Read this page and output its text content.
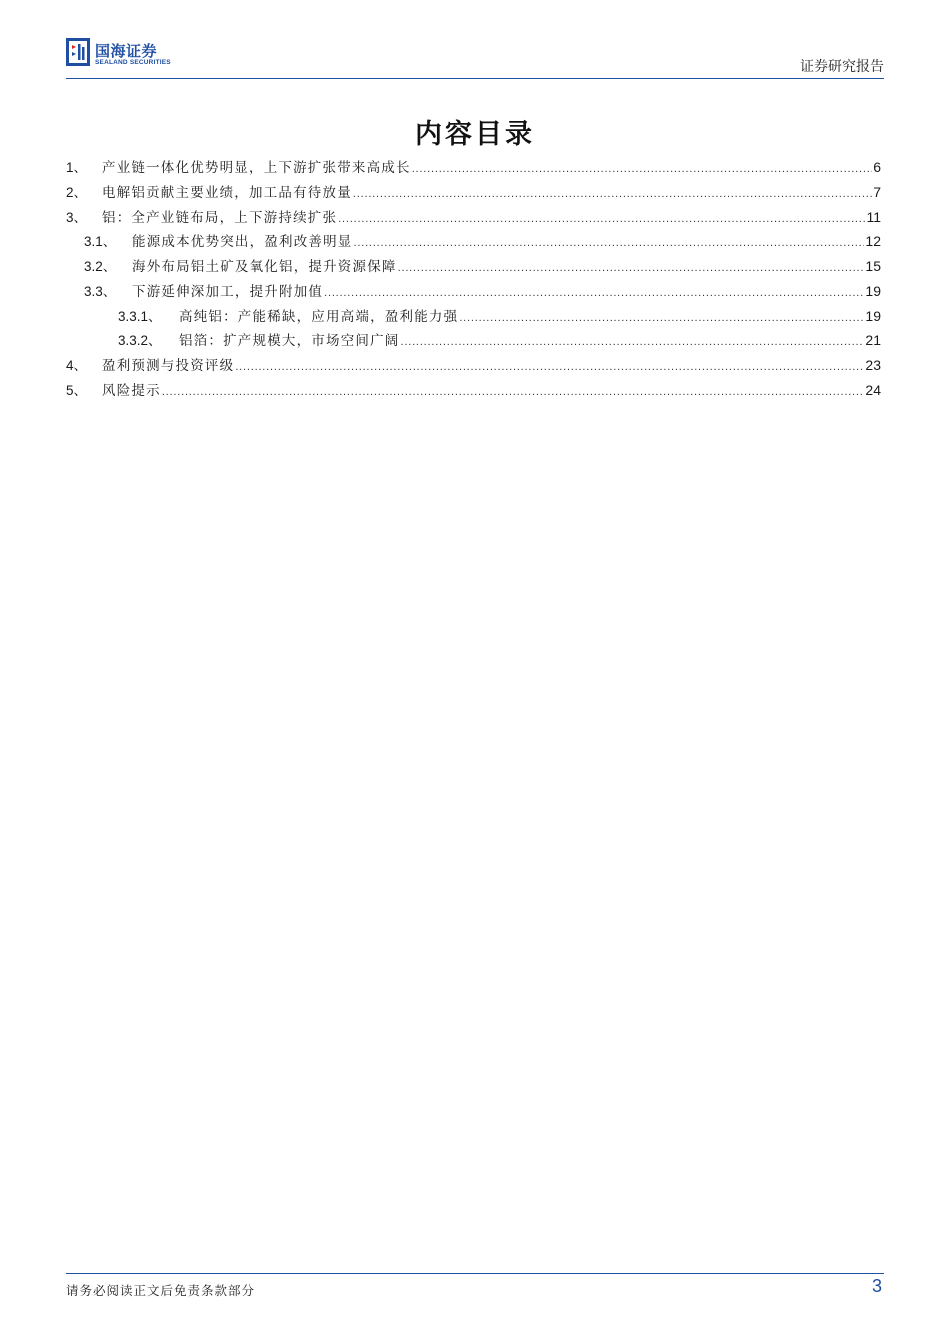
国海证券
SEALAND SECURITIES	证券研究报告
内容目录
1、	产业链一体化优势明显，上下游扩张带来高成长 .....	6
2、	电解铝贡献主要业绩，加工品有待放量 .....	7
3、	铝：全产业链布局，上下游持续扩张 .....	11
3.1、	能源成本优势突出，盈利改善明显 .....	12
3.2、	海外布局铝土矿及氧化铝，提升资源保障 .....	15
3.3、	下游延伸深加工，提升附加值 .....	19
3.3.1、	高纯铝：产能稀缺，应用高端，盈利能力强 .....	19
3.3.2、	铝箔：扩产规模大，市场空间广阔 .....	21
4、	盈利预测与投资评级 .....	23
5、	风险提示 .....	24
请务必阅读正文后免责条款部分	3
